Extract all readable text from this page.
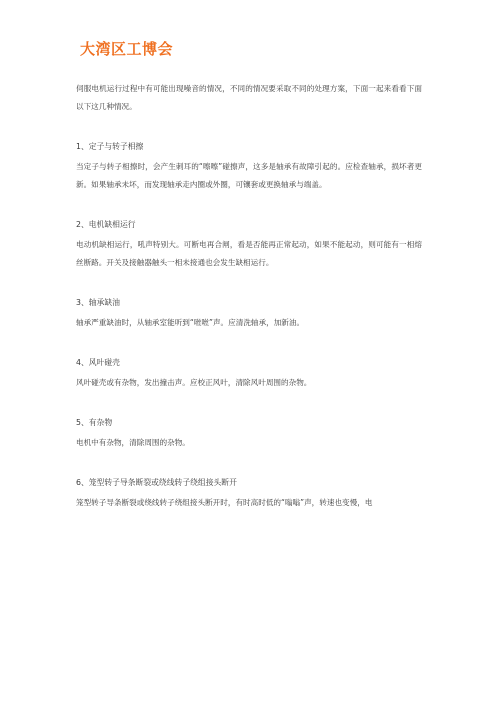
大湾区工博会

伺服电机运行过程中有可能出现噪音的情况，不同的情况要采取不同的处理方案，下面一起来看看下面以下这几种情况。

1、定子与转子相擦

当定子与转子相擦时，会产生刺耳的“嚓嚓”碰擦声，这多是轴承有故障引起的。应检查轴承，损坏者更新。如果轴承未坏，而发现轴承走内圈或外圈，可镶套或更换轴承与端盖。

2、电机缺相运行

电动机缺相运行，吼声特别大。可断电再合闸，看是否能再正常起动，如果不能起动，则可能有一相熔丝断路。开关及接触器触头一相未接通也会发生缺相运行。

3、轴承缺油

轴承严重缺油时，从轴承室能听到“咝咝”声。应清洗轴承，加新油。

4、风叶碰壳

风叶碰壳或有杂物，发出撞击声。应校正风叶，清除风叶周围的杂物。

5、有杂物

电机中有杂物，清除周围的杂物。

6、笼型转子导条断裂或绕线转子绕组接头断开

笼型转子导条断裂或绕线转子绕组接头断开时，有时高时低的“嗡嗡”声，转速也变慢，电
